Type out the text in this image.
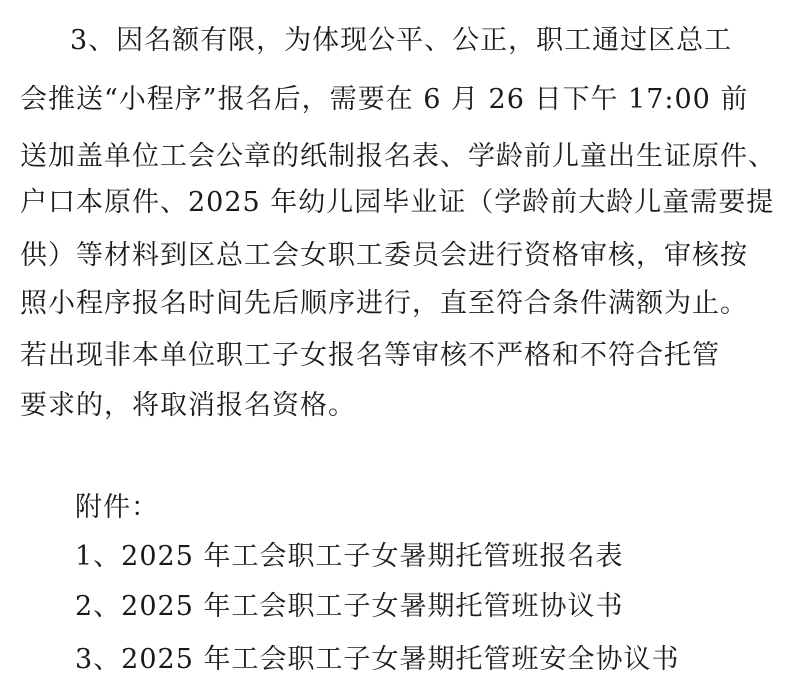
3、因名额有限，为体现公平、公正，职工通过区总工
会推送“小程序”报名后，需要在 6 月 26 日下午 17:00 前
送加盖单位工会公章的纸制报名表、学龄前儿童出生证原件、
户口本原件、2025 年幼儿园毕业证（学龄前大龄儿童需要提
供）等材料到区总工会女职工委员会进行资格审核，审核按
照小程序报名时间先后顺序进行，直至符合条件满额为止。
若出现非本单位职工子女报名等审核不严格和不符合托管
要求的，将取消报名资格。
附件：
1、2025 年工会职工子女暑期托管班报名表
2、2025 年工会职工子女暑期托管班协议书
3、2025 年工会职工子女暑期托管班安全协议书
